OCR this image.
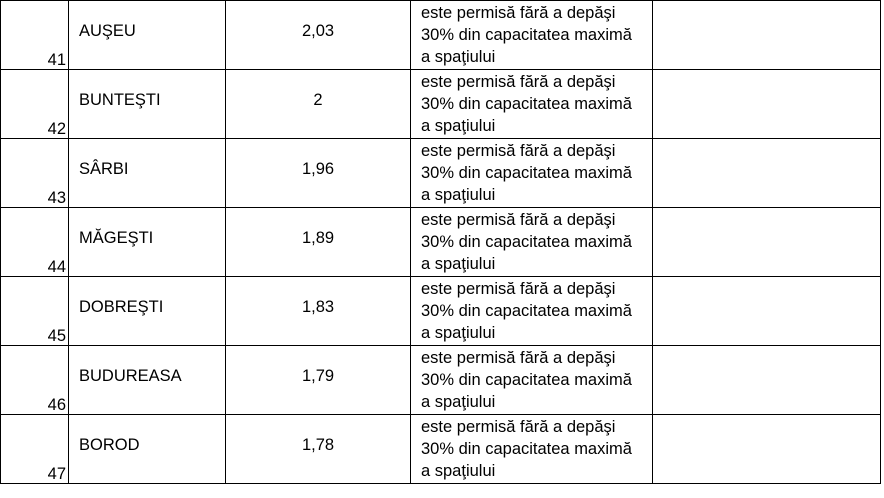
41	AUŞEU	2,03	este permisă fără a depăşi
30% din capacitatea maximă
a spaţiului	

42	BUNTEŞTI	2	este permisă fără a depăşi
30% din capacitatea maximă
a spaţiului	

43	SÂRBI	1,96	este permisă fără a depăşi
30% din capacitatea maximă
a spaţiului	

44	MĂGEŞTI	1,89	este permisă fără a depăşi
30% din capacitatea maximă
a spaţiului	

45	DOBREŞTI	1,83	este permisă fără a depăşi
30% din capacitatea maximă
a spaţiului	

46	BUDUREASA	1,79	este permisă fără a depăşi
30% din capacitatea maximă
a spaţiului	

47	BOROD	1,78	este permisă fără a depăşi
30% din capacitatea maximă
a spaţiului	
